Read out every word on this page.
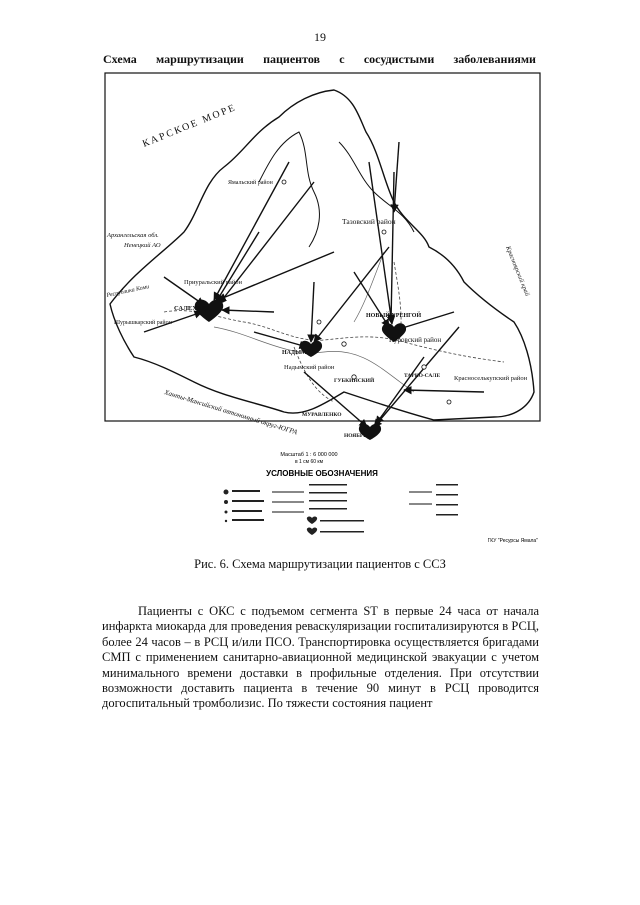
19
Схема маршрутизации пациентов с сосудистыми заболеваниями
КАРСКОЕ МОРЕ
Ямальский район
Тазовский район
Архангельская обл.
Ненецкий АО	Красноярский край
Республика Коми
Приуральский район
САЛЕХАРД
Шурышкарский район
Надымский район
НОВЫЙ УРЕНГОЙ
Пуровский район
НАДЫМ
ГУБКИНСКИЙ
ТАРКО-САЛЕ Красноселькупский район
НОЯБРЬСК
МУРАВЛЕНКО
Ханты-Мансийский автономный округ-ЮГРА
Масштаб 1 : 6 000 000
в 1 см 60 км
УСЛОВНЫЕ ОБОЗНАЧЕНИЯ
ГКУ "Ресурсы Ямала"
Рис. 6. Схема маршрутизации пациентов с ССЗ

Пациенты с ОКС с подъемом сегмента ST в первые 24 часа от начала инфаркта миокарда для проведения реваскуляризации госпитализируются в РСЦ, более 24 часов – в РСЦ и/или ПСО. Транспортировка осуществляется бригадами СМП с применением санитарно-авиационной медицинской эвакуации с учетом минимального времени доставки в профильные отделения. При отсутствии возможности доставить пациента в течение 90 минут в РСЦ проводится догоспитальный тромболизис. По тяжести состояния пациент
